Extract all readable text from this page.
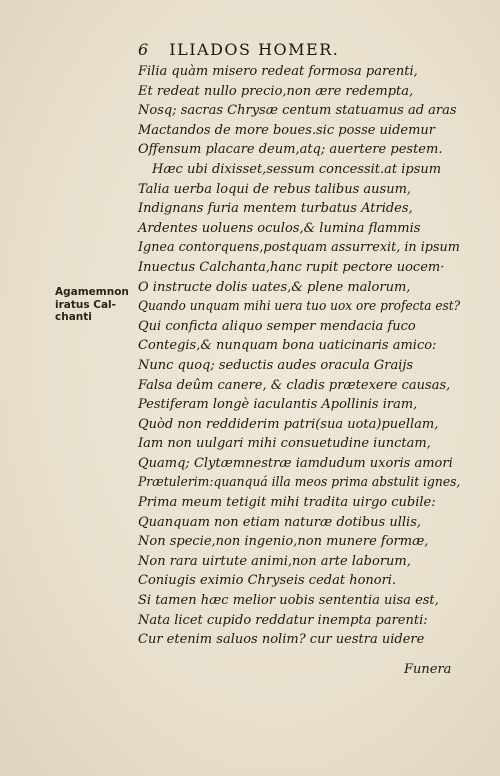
6 ILIADOS HOMER.
Agamemnon
iratus Cal-
chanti
Filia quàm misero redeat formosa parenti,
Et redeat nullo precio,non ære redempta,
Nosq; sacras Chrysæ centum statuamus ad aras
Mactandos de more boues.sic posse uidemur
Offensum placare deum,atq; auertere pestem.
Hæc ubi dixisset,sessum concessit.at ipsum
Talia uerba loqui de rebus talibus ausum,
Indignans furia mentem turbatus Atrides,
Ardentes uoluens oculos,& lumina flammis
Ignea contorquens,postquam assurrexit, in ipsum
Inuectus Calchanta,hanc rupit pectore uocem·
O instructe dolis uates,& plene malorum,
Quando unquam mihi uera tuo uox ore profecta est?
Qui conficta aliquo semper mendacia fuco
Contegis,& nunquam bona uaticinaris amico:
Nunc quoq; seductis audes oracula Graijs
Falsa deûm canere, & cladis prætexere causas,
Pestiferam longè iaculantis Apollinis iram,
Quòd non reddiderim patri(sua uota)puellam,
Iam non uulgari mihi consuetudine iunctam,
Quamq; Clytæmnestræ iamdudum uxoris amori
Prætulerim:quanquá illa meos prima abstulit ignes,
Prima meum tetigit mihi tradita uirgo cubile:
Quanquam non etiam naturæ dotibus ullis,
Non specie,non ingenio,non munere formæ,
Non rara uirtute animi,non arte laborum,
Coniugis eximio Chryseis cedat honori.
Si tamen hæc melior uobis sententia uisa est,
Nata licet cupido reddatur inempta parenti:
Cur etenim saluos nolim? cur uestra uidere
Funera
